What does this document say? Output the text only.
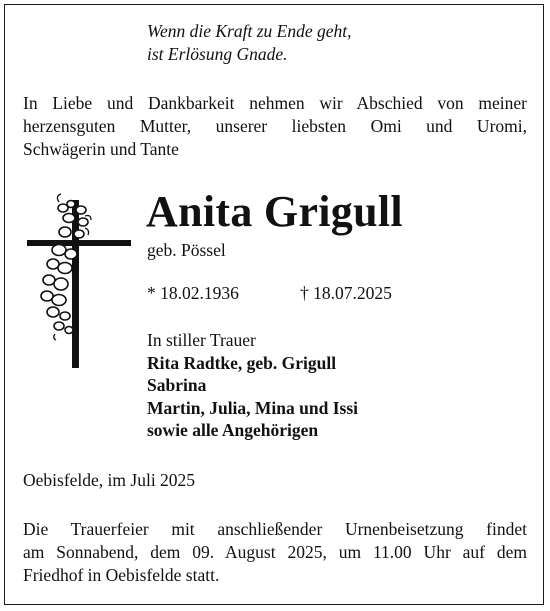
Wenn die Kraft zu Ende geht,
ist Erlösung Gnade.
In Liebe und Dankbarkeit nehmen wir Abschied von meiner
herzensguten Mutter, unserer liebsten Omi und Uromi,
Schwägerin und Tante
Anita Grigull
geb. Pössel
* 18.02.1936	† 18.07.2025
In stiller Trauer
Rita Radtke, geb. Grigull
Sabrina
Martin, Julia, Mina und Issi
sowie alle Angehörigen
Oebisfelde, im Juli 2025
Die Trauerfeier mit anschließender Urnenbeisetzung findet
am Sonnabend, dem 09. August 2025, um 11.00 Uhr auf dem
Friedhof in Oebisfelde statt.
